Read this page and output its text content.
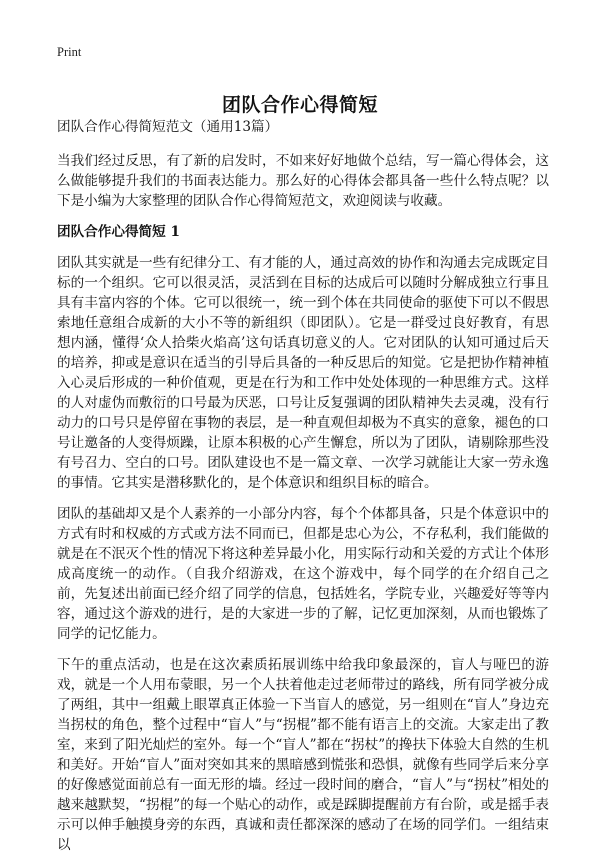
Print
团队合作心得简短
团队合作心得简短范文（通用13篇）

当我们经过反思，有了新的启发时，不如来好好地做个总结，写一篇心得体会，这么做能够提升我们的书面表达能力。那么好的心得体会都具备一些什么特点呢？以下是小编为大家整理的团队合作心得简短范文，欢迎阅读与收藏。

团队合作心得简短 1

团队其实就是一些有纪律分工、有才能的人，通过高效的协作和沟通去完成既定目标的一个组织。它可以很灵活，灵活到在目标的达成后可以随时分解成独立行事且具有丰富内容的个体。它可以很统一，统一到个体在共同使命的驱使下可以不假思索地任意组合成新的大小不等的新组织（即团队）。它是一群受过良好教育，有思想内涵，懂得‘众人拾柴火焰高’这句话真切意义的人。它对团队的认知可通过后天的培养，抑或是意识在适当的引导后具备的一种反思后的知觉。它是把协作精神植入心灵后形成的一种价值观，更是在行为和工作中处处体现的一种思维方式。这样的人对虚伪而敷衍的口号最为厌恶，口号让反复强调的团队精神失去灵魂，没有行动力的口号只是停留在事物的表层，是一种直观但却极为不真实的意象，褪色的口号让邀备的人变得烦躁，让原本积极的心产生懈怠，所以为了团队，请剔除那些没有号召力、空白的口号。团队建设也不是一篇文章、一次学习就能让大家一劳永逸的事情。它其实是潜移默化的，是个体意识和组织目标的暗合。

团队的基础却又是个人素养的一小部分内容，每个个体都具备，只是个体意识中的方式有时和权威的方式或方法不同而已，但都是忠心为公，不存私利，我们能做的就是在不泯灭个性的情况下将这种差异最小化，用实际行动和关爱的方式让个体形成高度统一的动作。（自我介绍游戏，在这个游戏中，每个同学的在介绍自己之前，先复述出前面已经介绍了同学的信息，包括姓名，学院专业，兴趣爱好等等内容，通过这个游戏的进行，是的大家进一步的了解，记忆更加深刻，从而也锻炼了同学的记忆能力。

下午的重点活动，也是在这次素质拓展训练中给我印象最深的，盲人与哑巴的游戏，就是一个人用布蒙眼，另一个人扶着他走过老师带过的路线，所有同学被分成了两组，其中一组戴上眼罩真正体验一下当盲人的感觉，另一组则在“盲人”身边充当拐杖的角色，整个过程中“盲人”与“拐棍”都不能有语言上的交流。大家走出了教室，来到了阳光灿烂的室外。每一个“盲人”都在“拐杖”的搀扶下体验大自然的生机和美好。开始“盲人”面对突如其来的黑暗感到慌张和恐惧，就像有些同学后来分享的好像感觉面前总有一面无形的墙。经过一段时间的磨合，“盲人”与“拐杖”相处的越来越默契，“拐棍”的每一个贴心的动作，或是踩脚提醒前方有台阶，或是摇手表示可以伸手触摸身旁的东西，真诚和责任都深深的感动了在场的同学们。一组结束以
